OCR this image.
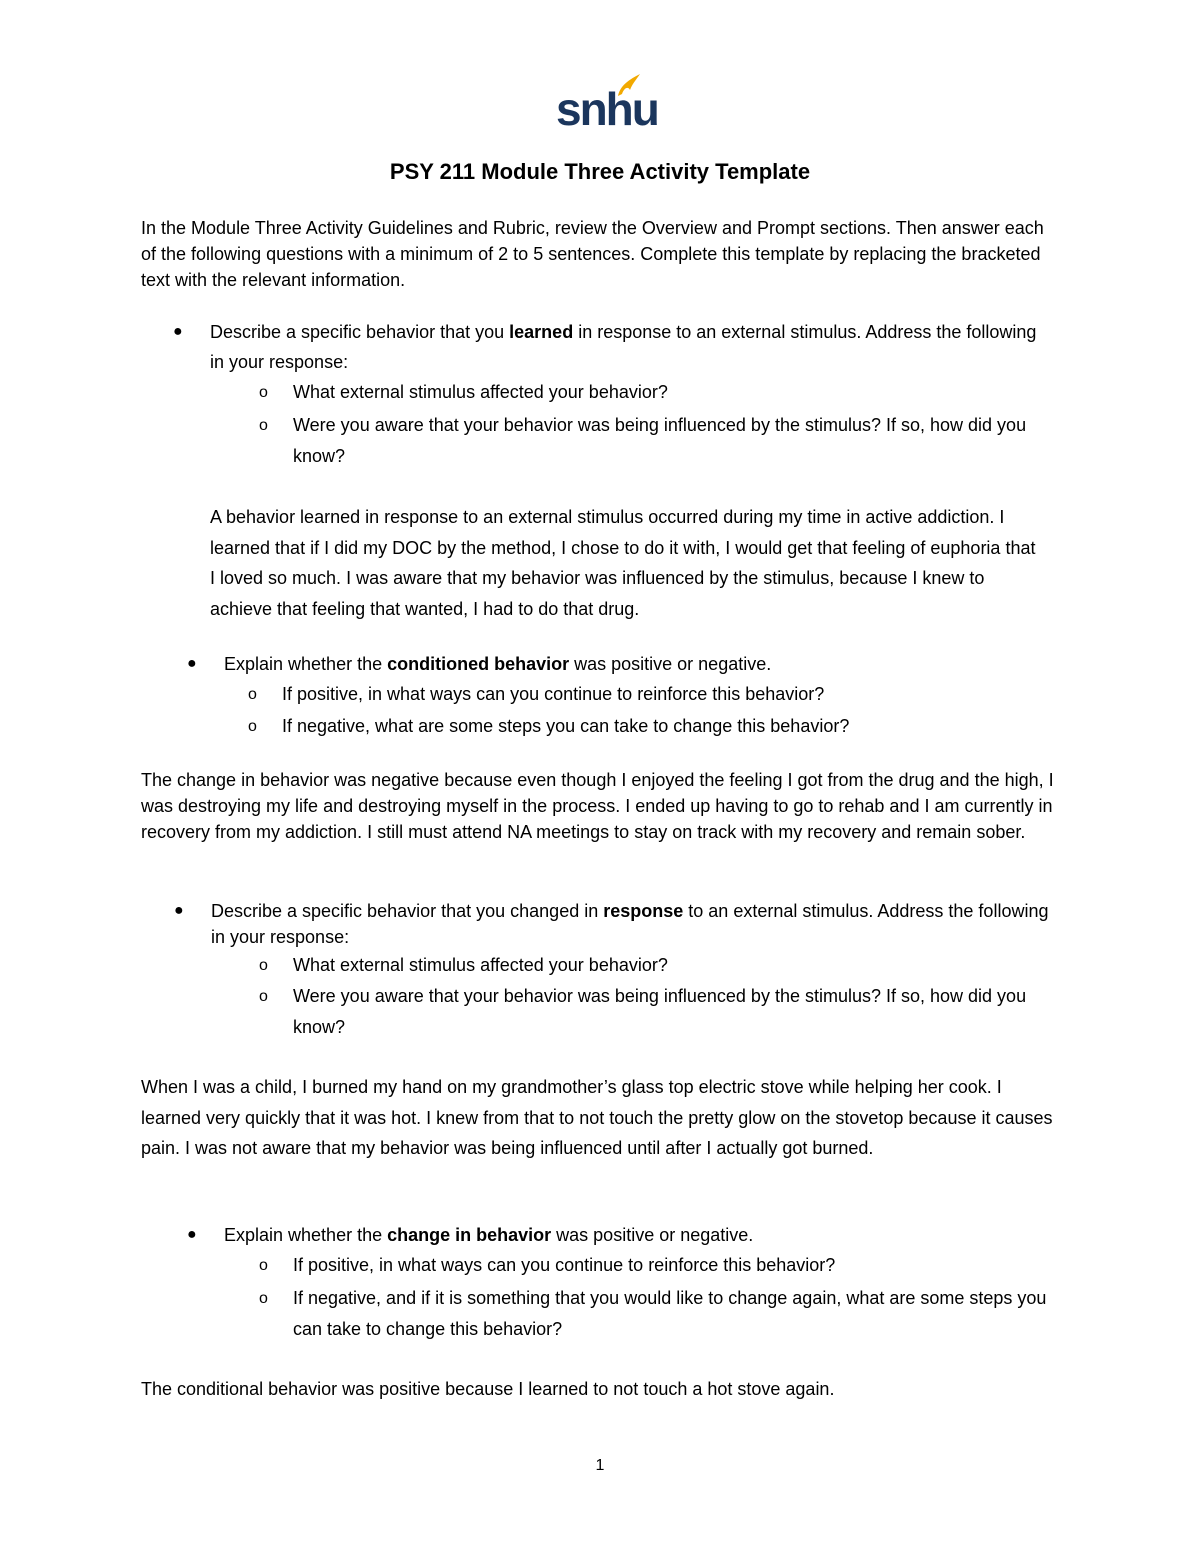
snhu
PSY 211 Module Three Activity Template

In the Module Three Activity Guidelines and Rubric, review the Overview and Prompt sections. Then answer each of the following questions with a minimum of 2 to 5 sentences. Complete this template by replacing the bracketed text with the relevant information.

● Describe a specific behavior that you learned in response to an external stimulus. Address the following in your response:
o What external stimulus affected your behavior?
o Were you aware that your behavior was being influenced by the stimulus? If so, how did you know?

A behavior learned in response to an external stimulus occurred during my time in active addiction. I learned that if I did my DOC by the method, I chose to do it with, I would get that feeling of euphoria that I loved so much. I was aware that my behavior was influenced by the stimulus, because I knew to achieve that feeling that wanted, I had to do that drug.

● Explain whether the conditioned behavior was positive or negative.
o If positive, in what ways can you continue to reinforce this behavior?
o If negative, what are some steps you can take to change this behavior?

The change in behavior was negative because even though I enjoyed the feeling I got from the drug and the high, I was destroying my life and destroying myself in the process. I ended up having to go to rehab and I am currently in recovery from my addiction. I still must attend NA meetings to stay on track with my recovery and remain sober.

● Describe a specific behavior that you changed in response to an external stimulus. Address the following in your response:
o What external stimulus affected your behavior?
o Were you aware that your behavior was being influenced by the stimulus? If so, how did you know?

When I was a child, I burned my hand on my grandmother’s glass top electric stove while helping her cook. I learned very quickly that it was hot. I knew from that to not touch the pretty glow on the stovetop because it causes pain. I was not aware that my behavior was being influenced until after I actually got burned.

● Explain whether the change in behavior was positive or negative.
o If positive, in what ways can you continue to reinforce this behavior?
o If negative, and if it is something that you would like to change again, what are some steps you can take to change this behavior?

The conditional behavior was positive because I learned to not touch a hot stove again.

1
